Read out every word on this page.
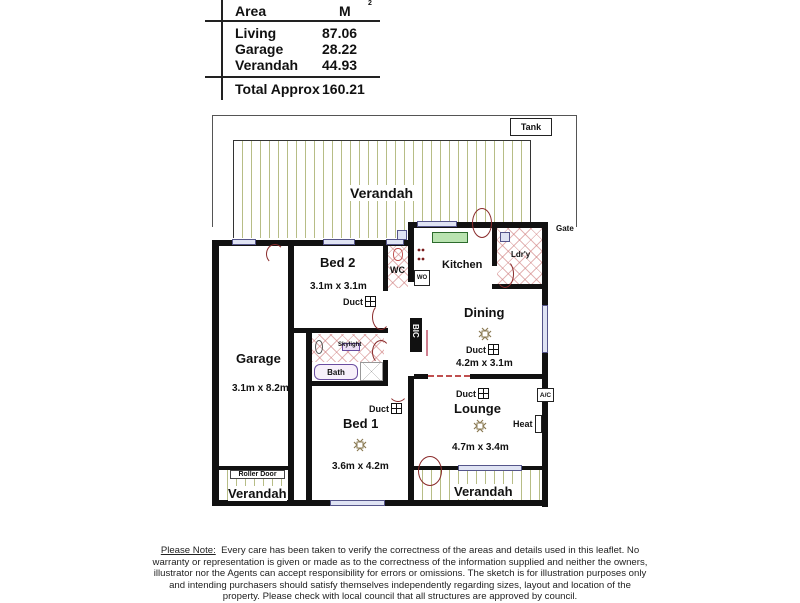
Area	M 2
Living	87.06
Garage	28.22
Verandah 44.93
Total Approx 160.21
Tank
Gate
Verandah
BIC
Roller Door
Verandah	Verandah
WO
Skylight
Bath
A/C
Heat
Garage
3.1m x 8.2m
Bed 2
3.1m x 3.1m
Duct
WC	Kitchen
Ldr'y
Dining
Duct
4.2m x 3.1m
Duct
Bed 1
3.6m x 4.2m
Duct
Lounge
4.7m x 3.4m
Please Note: Every care has been taken to verify the correctness of the areas and details used in this leaflet. No warranty or representation is given or made as to the correctness of the information supplied and neither the owners, illustrator nor the Agents can accept responsibility for errors or omissions. The sketch is for illustration purposes only and intending purchasers should satisfy themselves independently regarding sizes, layout and location of the property. Please check with local council that all structures are approved by council.
